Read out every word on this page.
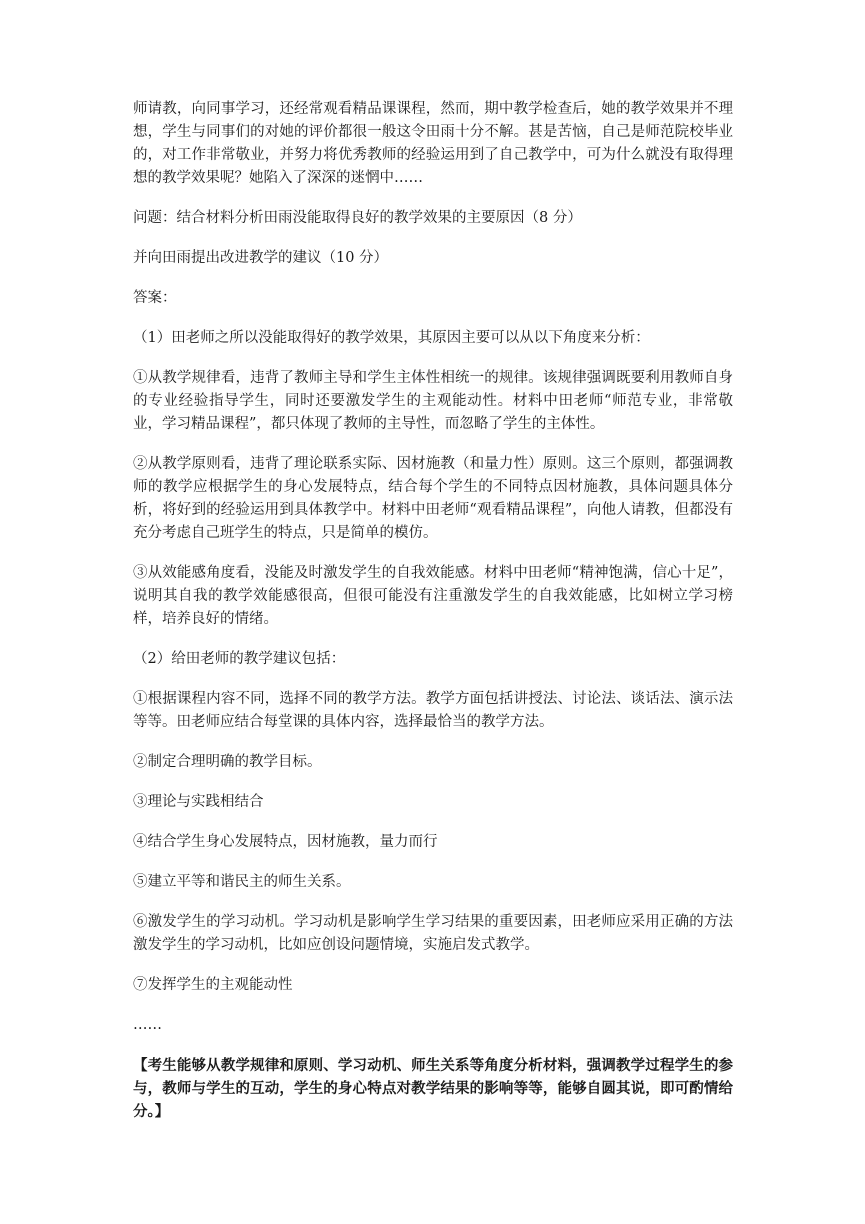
师请教，向同事学习，还经常观看精品课课程，然而，期中教学检查后，她的教学效果并不理想，学生与同事们的对她的评价都很一般这令田雨十分不解。甚是苦恼，自己是师范院校毕业的，对工作非常敬业，并努力将优秀教师的经验运用到了自己教学中，可为什么就没有取得理想的教学效果呢？她陷入了深深的迷惘中……

问题：结合材料分析田雨没能取得良好的教学效果的主要原因（8 分）

并向田雨提出改进教学的建议（10 分）

答案：

（1）田老师之所以没能取得好的教学效果，其原因主要可以从以下角度来分析：

①从教学规律看，违背了教师主导和学生主体性相统一的规律。该规律强调既要利用教师自身的专业经验指导学生，同时还要激发学生的主观能动性。材料中田老师“师范专业，非常敬业，学习精品课程”，都只体现了教师的主导性，而忽略了学生的主体性。

②从教学原则看，违背了理论联系实际、因材施教（和量力性）原则。这三个原则，都强调教师的教学应根据学生的身心发展特点，结合每个学生的不同特点因材施教，具体问题具体分析，将好到的经验运用到具体教学中。材料中田老师“观看精品课程”，向他人请教，但都没有充分考虑自己班学生的特点，只是简单的模仿。

③从效能感角度看，没能及时激发学生的自我效能感。材料中田老师“精神饱满，信心十足”，说明其自我的教学效能感很高，但很可能没有注重激发学生的自我效能感，比如树立学习榜样，培养良好的情绪。

（2）给田老师的教学建议包括：

①根据课程内容不同，选择不同的教学方法。教学方面包括讲授法、讨论法、谈话法、演示法等等。田老师应结合每堂课的具体内容，选择最恰当的教学方法。

②制定合理明确的教学目标。

③理论与实践相结合

④结合学生身心发展特点，因材施教，量力而行

⑤建立平等和谐民主的师生关系。

⑥激发学生的学习动机。学习动机是影响学生学习结果的重要因素，田老师应采用正确的方法激发学生的学习动机，比如应创设问题情境，实施启发式教学。

⑦发挥学生的主观能动性

……

【考生能够从教学规律和原则、学习动机、师生关系等角度分析材料，强调教学过程学生的参与，教师与学生的互动，学生的身心特点对教学结果的影响等等，能够自圆其说，即可酌情给分。】
